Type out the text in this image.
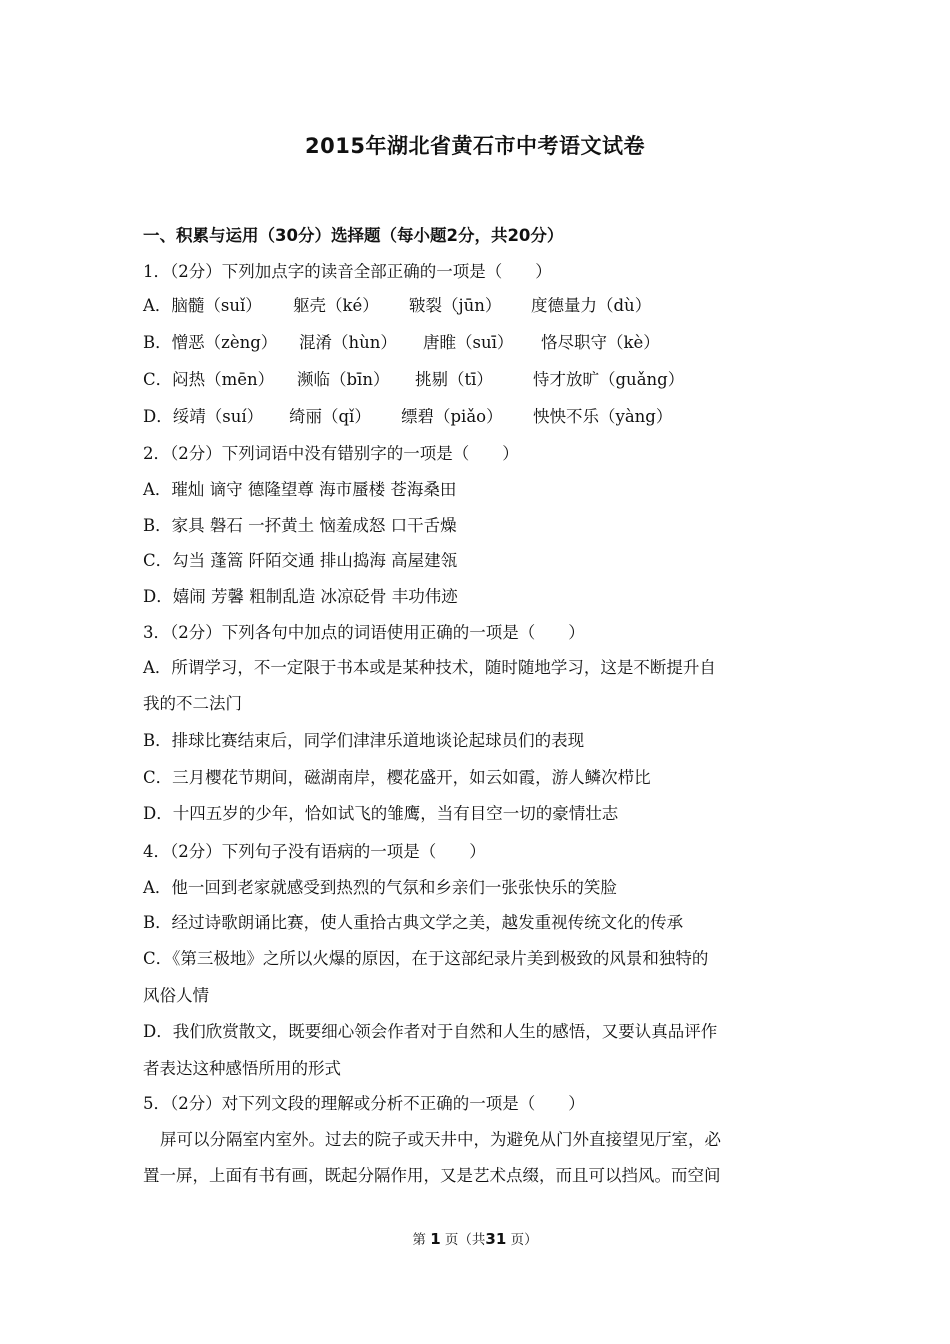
2015年湖北省黄石市中考语文试卷
一、积累与运用（30分）选择题（每小题2分，共20分）
1．（2分）下列加点字的读音全部正确的一项是（　　）
A．脑髓（suǐ） 躯壳（ké） 皲裂（jūn） 度德量力（dù）
B．憎恶（zèng） 混淆（hùn） 唐睢（suī） 恪尽职守（kè）
C．闷热（mēn） 濒临（bīn） 挑剔（tī） 恃才放旷（guǎng）
D．绥靖（suí） 绮丽（qǐ） 缥碧（piǎo） 怏怏不乐（yàng）
2．（2分）下列词语中没有错别字的一项是（　　）
A．璀灿 谪守 德隆望尊 海市蜃楼 苍海桑田
B．家具 磐石 一抔黄土 恼羞成怒 口干舌燥
C．勾当 蓬篙 阡陌交通 排山捣海 高屋建瓴
D．嬉闹 芳馨 粗制乱造 冰凉砭骨 丰功伟迹
3．（2分）下列各句中加点的词语使用正确的一项是（　　）
A．所谓学习，不一定限于书本或是某种技术，随时随地学习，这是不断提升自
我的不二法门
B．排球比赛结束后，同学们津津乐道地谈论起球员们的表现
C．三月樱花节期间，磁湖南岸，樱花盛开，如云如霞，游人鳞次栉比
D．十四五岁的少年，恰如试飞的雏鹰，当有目空一切的豪情壮志
4．（2分）下列句子没有语病的一项是（　　）
A．他一回到老家就感受到热烈的气氛和乡亲们一张张快乐的笑脸
B．经过诗歌朗诵比赛，使人重拾古典文学之美，越发重视传统文化的传承
C．《第三极地》之所以火爆的原因，在于这部纪录片美到极致的风景和独特的
风俗人情
D．我们欣赏散文，既要细心领会作者对于自然和人生的感悟，又要认真品评作
者表达这种感悟所用的形式
5．（2分）对下列文段的理解或分析不正确的一项是（　　）
屏可以分隔室内室外。过去的院子或天井中，为避免从门外直接望见厅室，必
置一屏，上面有书有画，既起分隔作用，又是艺术点缀，而且可以挡风。而空间
第 1 页（共31 页）
